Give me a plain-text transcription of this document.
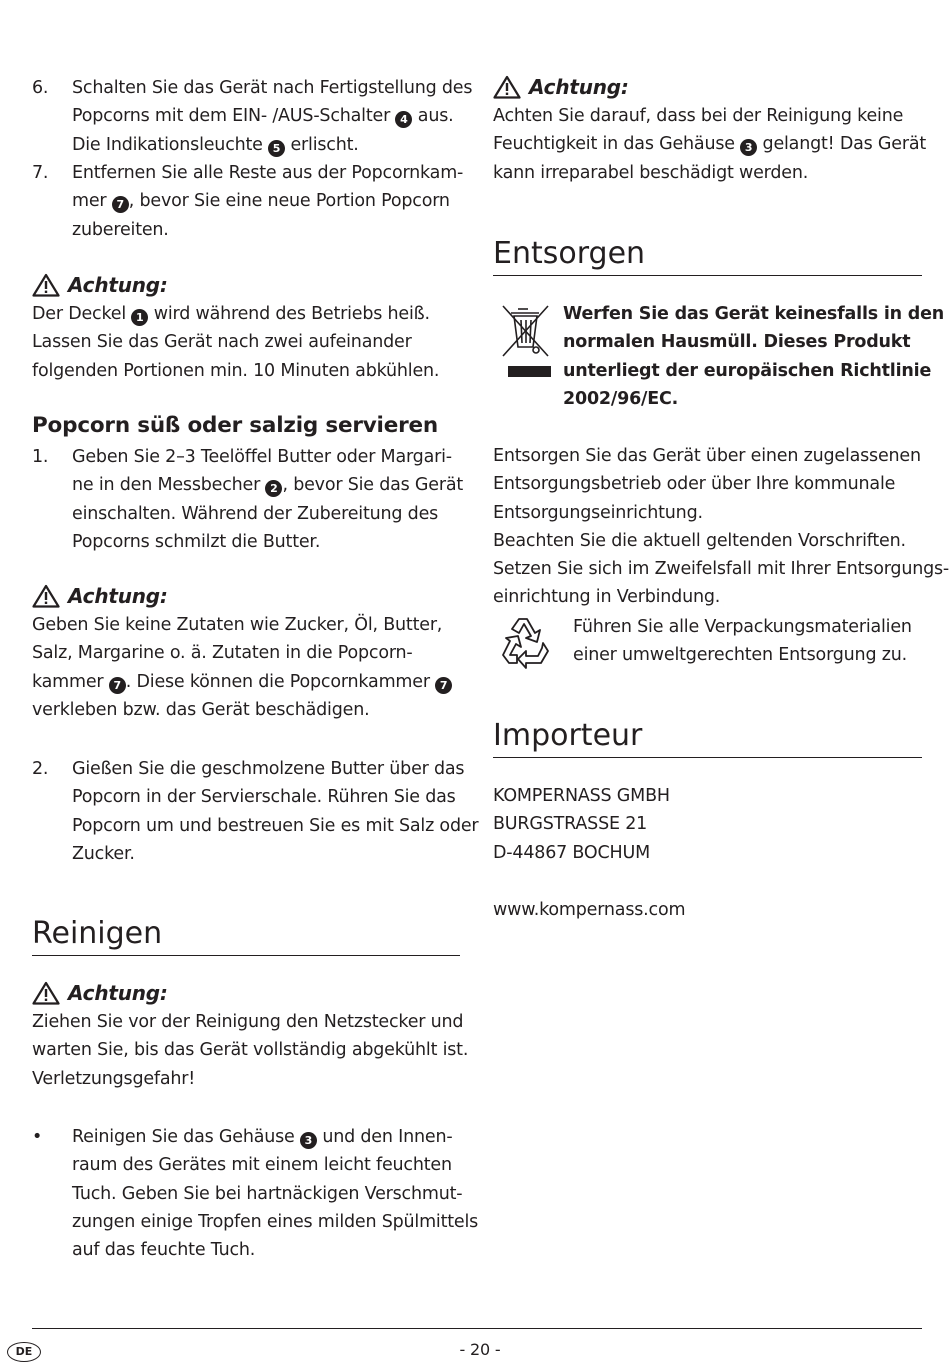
6. Schalten Sie das Gerät nach Fertigstellung des
Popcorns mit dem EIN- /AUS-Schalter 4 aus.
Die Indikationsleuchte 5 erlischt.
7. Entfernen Sie alle Reste aus der Popcornkam-
mer 7 , bevor Sie eine neue Portion Popcorn
zubereiten.
Achtung:
Der Deckel 1 wird während des Betriebs heiß.
Lassen Sie das Gerät nach zwei aufeinander
folgenden Portionen min. 10 Minuten abkühlen.
Popcorn süß oder salzig servieren
1. Geben Sie 2–3 Teelöffel Butter oder Margari-
ne in den Messbecher 2 , bevor Sie das Gerät
einschalten. Während der Zubereitung des
Popcorns schmilzt die Butter.
Achtung:
Geben Sie keine Zutaten wie Zucker, Öl, Butter,
Salz, Margarine o. ä. Zutaten in die Popcorn-
kammer 7 . Diese können die Popcornkammer 7
verkleben bzw. das Gerät beschädigen.
2. Gießen Sie die geschmolzene Butter über das
Popcorn in der Servierschale. Rühren Sie das
Popcorn um und bestreuen Sie es mit Salz oder
Zucker.
Reinigen
Achtung:
Ziehen Sie vor der Reinigung den Netzstecker und
warten Sie, bis das Gerät vollständig abgekühlt ist.
Verletzungsgefahr!
• Reinigen Sie das Gehäuse 3 und den Innen-
raum des Gerätes mit einem leicht feuchten
Tuch. Geben Sie bei hartnäckigen Verschmut-
zungen einige Tropfen eines milden Spülmittels
auf das feuchte Tuch.
Achtung:
Achten Sie darauf, dass bei der Reinigung keine
Feuchtigkeit in das Gehäuse 3 gelangt! Das Gerät
kann irreparabel beschädigt werden.
Entsorgen
Werfen Sie das Gerät keinesfalls in den
normalen Hausmüll. Dieses Produkt
unterliegt der europäischen Richtlinie
2002/96/EC.
Entsorgen Sie das Gerät über einen zugelassenen
Entsorgungsbetrieb oder über Ihre kommunale
Entsorgungseinrichtung.
Beachten Sie die aktuell geltenden Vorschriften.
Setzen Sie sich im Zweifelsfall mit Ihrer Entsorgungs-
einrichtung in Verbindung.
Führen Sie alle Verpackungsmaterialien
einer umweltgerechten Entsorgung zu.
Importeur
KOMPERNASS GMBH
BURGSTRASSE 21
D-44867 BOCHUM
www.kompernass.com
DE	- 20 -
